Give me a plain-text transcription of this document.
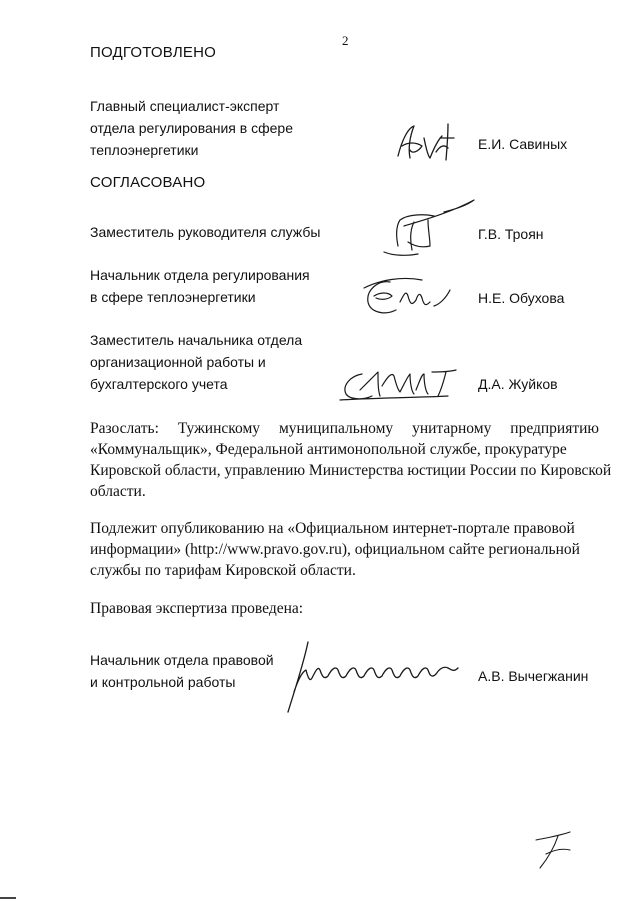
2
ПОДГОТОВЛЕНО
Главный специалист-эксперт
отдела регулирования в сфере
теплоэнергетики	Е.И. Савиных
СОГЛАСОВАНО
Заместитель руководителя службы	Г.В. Троян
Начальник отдела регулирования
в сфере теплоэнергетики	Н.Е. Обухова
Заместитель начальника отдела
организационной работы и
бухгалтерского учета	Д.А. Жуйков
Разослать: Тужинскому муниципальному унитарному предприятию
«Коммунальщик», Федеральной антимонопольной службе, прокуратуре
Кировской области, управлению Министерства юстиции России по Кировской
области.
Подлежит опубликованию на «Официальном интернет-портале правовой
информации» (http://www.pravo.gov.ru), официальном сайте региональной
службы по тарифам Кировской области.
Правовая экспертиза проведена:
Начальник отдела правовой
и контрольной работы	А.В. Вычегжанин
